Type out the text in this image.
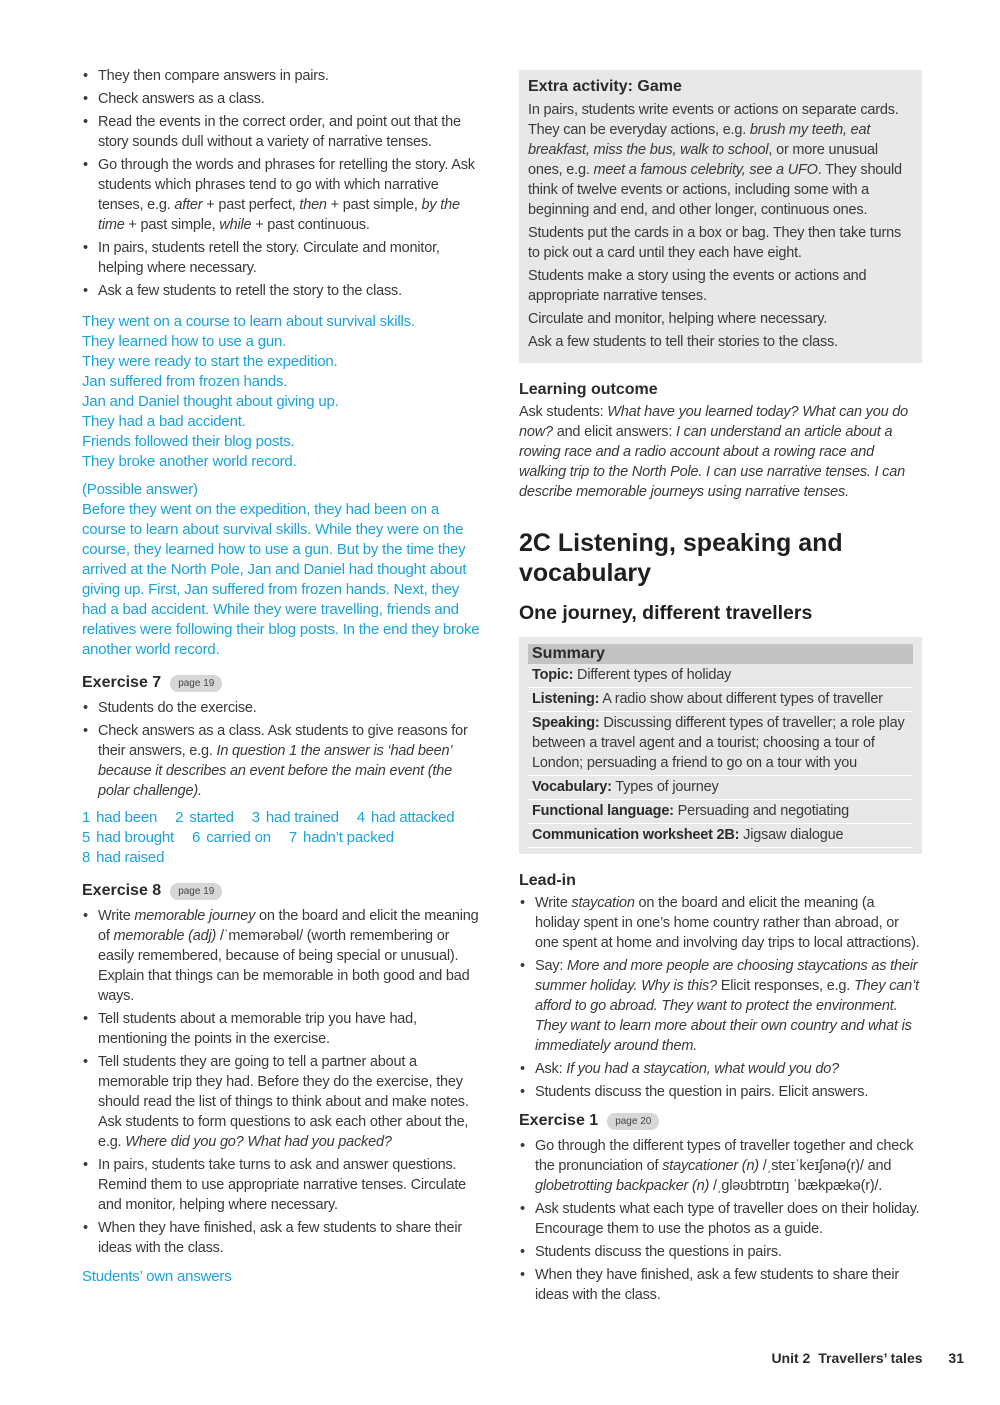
• They then compare answers in pairs.
• Check answers as a class.
• Read the events in the correct order, and point out that the story sounds dull without a variety of narrative tenses.
• Go through the words and phrases for retelling the story. Ask students which phrases tend to go with which narrative tenses, e.g. after + past perfect, then + past simple, by the time + past simple, while + past continuous.
• In pairs, students retell the story. Circulate and monitor, helping where necessary.
• Ask a few students to retell the story to the class.
They went on a course to learn about survival skills.
They learned how to use a gun.
They were ready to start the expedition.
Jan suffered from frozen hands.
Jan and Daniel thought about giving up.
They had a bad accident.
Friends followed their blog posts.
They broke another world record.
(Possible answer)
Before they went on the expedition, they had been on a course to learn about survival skills. While they were on the course, they learned how to use a gun. But by the time they arrived at the North Pole, Jan and Daniel had thought about giving up. First, Jan suffered from frozen hands. Next, they had a bad accident. While they were travelling, friends and relatives were following their blog posts. In the end they broke another world record.
Exercise 7	page 19
• Students do the exercise.
• Check answers as a class. Ask students to give reasons for their answers, e.g. In question 1 the answer is ‘had been’ because it describes an event before the main event (the polar challenge).
1 had been 2 started 3 had trained 4 had attacked
5 had brought 6 carried on 7 hadn’t packed
8 had raised
Exercise 8	page 19
• Write memorable journey on the board and elicit the meaning of memorable (adj) /ˈmemərəbəl/ (worth remembering or easily remembered, because of being special or unusual). Explain that things can be memorable in both good and bad ways.
• Tell students about a memorable trip you have had, mentioning the points in the exercise.
• Tell students they are going to tell a partner about a memorable trip they had. Before they do the exercise, they should read the list of things to think about and make notes.
Ask students to form questions to ask each other about the, e.g. Where did you go? What had you packed?
• In pairs, students take turns to ask and answer questions. Remind them to use appropriate narrative tenses. Circulate and monitor, helping where necessary.
• When they have finished, ask a few students to share their ideas with the class.
Students’ own answers
Extra activity: Game

In pairs, students write events or actions on separate cards. They can be everyday actions, e.g. brush my teeth, eat breakfast, miss the bus, walk to school, or more unusual ones, e.g. meet a famous celebrity, see a UFO. They should think of twelve events or actions, including some with a beginning and end, and other longer, continuous ones.

Students put the cards in a box or bag. They then take turns to pick out a card until they each have eight.

Students make a story using the events or actions and appropriate narrative tenses.

Circulate and monitor, helping where necessary.

Ask a few students to tell their stories to the class.

Learning outcome

Ask students: What have you learned today? What can you do now? and elicit answers: I can understand an article about a rowing race and a radio account about a rowing race and walking trip to the North Pole. I can use narrative tenses. I can describe memorable journeys using narrative tenses.

2C Listening, speaking and vocabulary
One journey, different travellers
Summary
Topic: Different types of holiday
Listening: A radio show about different types of traveller
Speaking: Discussing different types of traveller; a role play between a travel agent and a tourist; choosing a tour of London; persuading a friend to go on a tour with you
Vocabulary: Types of journey
Functional language: Persuading and negotiating
Communication worksheet 2B: Jigsaw dialogue
Lead-in
• Write staycation on the board and elicit the meaning (a holiday spent in one’s home country rather than abroad, or one spent at home and involving day trips to local attractions).
• Say: More and more people are choosing staycations as their summer holiday. Why is this? Elicit responses, e.g. They can’t afford to go abroad. They want to protect the environment. They want to learn more about their own country and what is immediately around them.
• Ask: If you had a staycation, what would you do?
• Students discuss the question in pairs. Elicit answers.
Exercise 1	page 20
• Go through the different types of traveller together and check the pronunciation of staycationer (n) /ˌsteɪˈkeɪʃənə(r)/ and globetrotting backpacker (n) /ˌgləʊbtrɒtɪŋ ˈbækpækə(r)/.
• Ask students what each type of traveller does on their holiday. Encourage them to use the photos as a guide.
• Students discuss the questions in pairs.
• When they have finished, ask a few students to share their ideas with the class.
Unit 2 Travellers’ tales 31
